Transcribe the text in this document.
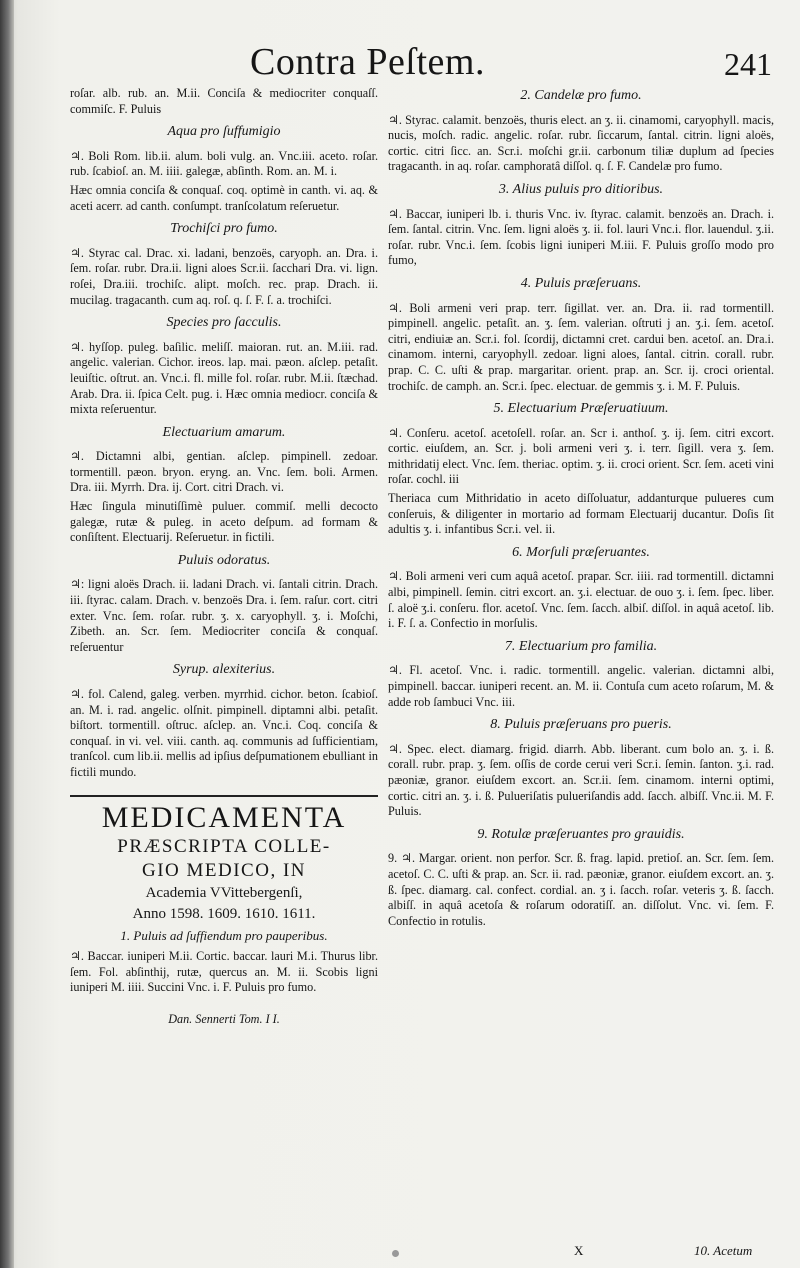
Contra Peſtem.	241

roſar. alb. rub. an. M.ii. Conciſa & mediocriter conquaſſ. commiſc. F. Puluis

Aqua pro ſuffumigio

♃. Boli Rom. lib.ii. alum. boli vulg. an. Vnc.iii. aceto. roſar. rub. ſcabioſ. an. M. iiii. galegæ, abſinth. Rom. an. M. i.

Hæc omnia conciſa & conquaſ. coq. optimè in canth. vi. aq. & aceti acerr. ad canth. conſumpt. tranſcolatum reſeruetur.

Trochiſci pro fumo.

♃. Styrac cal. Drac. xi. ladani, benzoës, caryoph. an. Dra. i. ſem. roſar. rubr. Dra.ii. ligni aloes Scr.ii. ſacchari Dra. vi. lign. roſei, Dra.iii. trochiſc. alipt. moſch. rec. prap. Drach. ii. mucilag. tragacanth. cum aq. roſ. q. ſ. F. ſ. a. trochiſci.

Species pro ſacculis.

♃. hyſſop. puleg. baſilic. meliſſ. maioran. rut. an. M.iii. rad. angelic. valerian. Cichor. ireos. lap. mai. pæon. aſclep. petaſit. leuiſtic. oſtrut. an. Vnc.i. fl. mille fol. roſar. rubr. M.ii. ſtæchad. Arab. Dra. ii. ſpica Celt. pug. i. Hæc omnia mediocr. conciſa & mixta reſeruentur.

Electuarium amarum.

♃. Dictamni albi, gentian. aſclep. pimpinell. zedoar. tormentill. pæon. bryon. eryng. an. Vnc. ſem. boli. Armen. Dra. iii. Myrrh. Dra. ij. Cort. citri Drach. vi.

Hæc ſingula minutiſſimè puluer. commiſ. melli decocto galegæ, rutæ & puleg. in aceto deſpum. ad formam & conſiſtent. Electuarij. Reſeruetur. in fictili.

Puluis odoratus.

♃: ligni aloës Drach. ii. ladani Drach. vi. ſantali citrin. Drach. iii. ſtyrac. calam. Drach. v. benzoës Dra. i. ſem. raſur. cort. citri exter. Vnc. ſem. roſar. rubr. ʒ. x. caryophyll. ʒ. i. Moſchi, Zibeth. an. Scr. ſem. Mediocriter conciſa & conquaſ. reſeruentur

Syrup. alexiterius.

♃. fol. Calend, galeg. verben. myrrhid. cichor. beton. ſcabioſ. an. M. i. rad. angelic. olſnit. pimpinell. diptamni albi. petaſit. biſtort. tormentill. oſtruc. aſclep. an. Vnc.i. Coq. conciſa & conquaſ. in vi. vel. viii. canth. aq. communis ad ſufficientiam, tranſcol. cum lib.ii. mellis ad ipſius deſpumationem ebulliant in fictili mundo.

MEDICAMENTA
PRÆSCRIPTA COLLE-
GIO MEDICO, IN
Academia VVittebergenſi,
Anno 1598. 1609. 1610. 1611.
1. Puluis ad ſuffiendum pro pauperibus.

♃. Baccar. iuniperi M.ii. Cortic. baccar. lauri M.i. Thurus libr. ſem. Fol. abſinthij, rutæ, quercus an. M. ii. Scobis ligni iuniperi M. iiii. Succini Vnc. i. F. Puluis pro fumo.

Dan. Sennerti Tom. I I.
2. Candelæ pro fumo.

♃. Styrac. calamit. benzoës, thuris elect. an ʒ. ii. cinamomi, caryophyll. macis, nucis, moſch. radic. angelic. roſar. rubr. ſiccarum, ſantal. citrin. ligni aloës, cortic. citri ſicc. an. Scr.i. moſchi gr.ii. carbonum tiliæ duplum ad ſpecies tragacanth. in aq. roſar. camphoratâ diſſol. q. ſ. F. Candelæ pro fumo.

3. Alius puluis pro ditioribus.

♃. Baccar, iuniperi lb. i. thuris Vnc. iv. ſtyrac. calamit. benzoës an. Drach. i. ſem. ſantal. citrin. Vnc. ſem. ligni aloës ʒ. ii. fol. lauri Vnc.i. flor. lauendul. ʒ.ii. roſar. rubr. Vnc.i. ſem. ſcobis ligni iuniperi M.iii. F. Puluis groſſo modo pro fumo,

4. Puluis præſeruans.

♃. Boli armeni veri prap. terr. ſigillat. ver. an. Dra. ii. rad tormentill. pimpinell. angelic. petaſit. an. ʒ. ſem. valerian. oſtruti j an. ʒ.i. ſem. acetoſ. citri, endiuiæ an. Scr.i. fol. ſcordij, dictamni cret. cardui ben. acetoſ. an. Dra.i. cinamom. interni, caryophyll. zedoar. ligni aloes, ſantal. citrin. corall. rubr. prap. C. C. uſti & prap. margaritar. orient. prap. an. Scr. ij. croci oriental. trochiſc. de camph. an. Scr.i. ſpec. electuar. de gemmis ʒ. i. M. F. Puluis.

5. Electuarium Præſeruatiuum.

♃. Conſeru. acetoſ. acetoſell. roſar. an. Scr i. anthoſ. ʒ. ij. ſem. citri excort. cortic. eiuſdem, an. Scr. j. boli armeni veri ʒ. i. terr. ſigill. vera ʒ. ſem. mithridatij elect. Vnc. ſem. theriac. optim. ʒ. ii. croci orient. Scr. ſem. aceti vini roſar. cochl. iii

Theriaca cum Mithridatio in aceto diſſoluatur, addanturque pulueres cum conſeruis, & diligenter in mortario ad formam Electuarij ducantur. Doſis ſit adultis ʒ. i. infantibus Scr.i. vel. ii.

6. Morſuli præſeruantes.

♃. Boli armeni veri cum aquâ acetoſ. prapar. Scr. iiii. rad tormentill. dictamni albi, pimpinell. ſemin. citri excort. an. ʒ.i. electuar. de ouo ʒ. i. ſem. ſpec. liber. ſ. aloë ʒ.i. conſeru. flor. acetoſ. Vnc. ſem. ſacch. albiſ. diſſol. in aquâ acetoſ. lib. i. F. ſ. a. Confectio in morſulis.

7. Electuarium pro familia.

♃. Fl. acetoſ. Vnc. i. radic. tormentill. angelic. valerian. dictamni albi, pimpinell. baccar. iuniperi recent. an. M. ii. Contuſa cum aceto roſarum, M. & adde rob ſambuci Vnc. iii.

8. Puluis præſeruans pro pueris.

♃. Spec. elect. diamarg. frigid. diarrh. Abb. liberant. cum bolo an. ʒ. i. ß. corall. rubr. prap. ʒ. ſem. oſſis de corde cerui veri Scr.i. ſemin. ſanton. ʒ.i. rad. pæoniæ, granor. eiuſdem excort. an. Scr.ii. ſem. cinamom. interni optimi, cortic. citri an. ʒ. i. ß. Pulueriſatis pulueriſandis add. ſacch. albiſſ. Vnc.ii. M. F. Puluis.

9. Rotulæ præſeruantes pro grauidis.

9. ♃. Margar. orient. non perfor. Scr. ß. frag. lapid. pretioſ. an. Scr. ſem. ſem. acetoſ. C. C. uſti & prap. an. Scr. ii. rad. pæoniæ, granor. eiuſdem excort. an. ʒ. ß. ſpec. diamarg. cal. confect. cordial. an. ʒ i. ſacch. roſar. veteris ʒ. ß. ſacch. albiſſ. in aquâ acetoſa & roſarum odoratiſſ. an. diſſolut. Vnc. vi. ſem. F. Confectio in rotulis.

X	10. Acetum
